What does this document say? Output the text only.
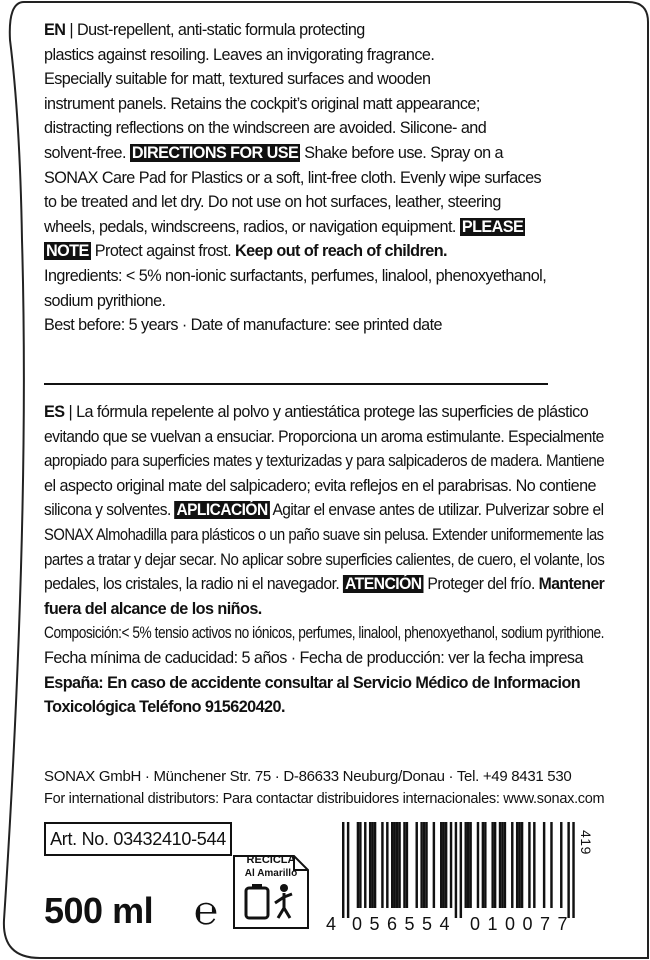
EN | Dust-repellent, anti-static formula protecting
plastics against resoiling. Leaves an invigorating fragrance.
Especially suitable for matt, textured surfaces and wooden
instrument panels. Retains the cockpit’s original matt appearance;
distracting reflections on the windscreen are avoided. Silicone- and
solvent-free. DIRECTIONS FOR USE Shake before use. Spray on a
SONAX Care Pad for Plastics or a soft, lint-free cloth. Evenly wipe surfaces
to be treated and let dry. Do not use on hot surfaces, leather, steering
wheels, pedals, windscreens, radios, or navigation equipment. PLEASE
NOTE Protect against frost. Keep out of reach of children.
Ingredients: < 5% non-ionic surfactants, perfumes, linalool, phenoxyethanol,
sodium pyrithione.
Best before: 5 years · Date of manufacture: see printed date
ES | La fórmula repelente al polvo y antiestática protege las superficies de plástico
evitando que se vuelvan a ensuciar. Proporciona un aroma estimulante. Especialmente
apropiado para superficies mates y texturizadas y para salpicaderos de madera. Mantiene
el aspecto original mate del salpicadero; evita reflejos en el parabrisas. No contiene
silicona y solventes. APLICACIÓN Agitar el envase antes de utilizar. Pulverizar sobre el
SONAX Almohadilla para plásticos o un paño suave sin pelusa. Extender uniformemente las
partes a tratar y dejar secar. No aplicar sobre superficies calientes, de cuero, el volante, los
pedales, los cristales, la radio ni el navegador. ATENCIÓN Proteger del frío. Mantener
fuera del alcance de los niños.
Composición:< 5% tensio activos no iónicos, perfumes, linalool, phenoxyethanol, sodium pyrithione.
Fecha mínima de caducidad: 5 años · Fecha de producción: ver la fecha impresa
España: En caso de accidente consultar al Servicio Médico de Informacion
Toxicológica Teléfono 915620420.
SONAX GmbH · Münchener Str. 75 · D-86633 Neuburg/Donau · Tel. +49 8431 530
For international distributors: Para contactar distribuidores internacionales: www.sonax.com
Art. No. 03432410-544
500 ml ℮
RECICLA
Al Amarillo
4 056554 010077
419
